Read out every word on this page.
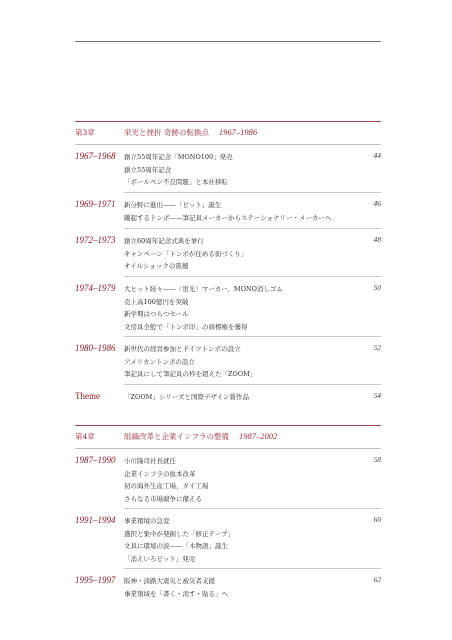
第3章	栄光と挫折 奇跡の転換点 1967–1986
1967–1968 創立55周年記念「MONO100」発売
創立55周年記念
「ボールペン不良問題」と本社移転
44
1969–1971 新分野に進出——「ビット」誕生
躍起するトンボ——筆記具メーカーからステーショナリー・メーカーへ
46
1972–1973 創立60周年記念式典を挙行
キャンペーン「トンボが住める街づくり」
オイルショックの震撼
48
1974–1979 大ヒット続々——〈蛍光〉マーカー、MONO消しゴム
売上高100億円を突破
新学期はつらつセール
文房具全般で「トンボ印」の商標権を獲得
50
1980–1986 新世代の経営参加とドイツトンボの設立
アメリカントンボの設立
筆記具にして筆記具の枠を超えた「ZOOM」
52
Theme	「ZOOM」シリーズと国際デザイン賞作品	54
第4章	組織改革と企業インフラの整備 1987–2002
1987–1990 小川隆司社長就任
企業インフラの抜本改革
初の海外生産工場、タイ工場
さらなる市場競争に備える
58
1991–1994 事業環境の急変
選択と集中が発掘した「修正テープ」
文具に環境の波——「木物語」誕生
「消えいろピット」発売
60
1995–1997 阪神・淡路大震災と被災者支援
事業領域を「書く・消す・貼る」へ
62
